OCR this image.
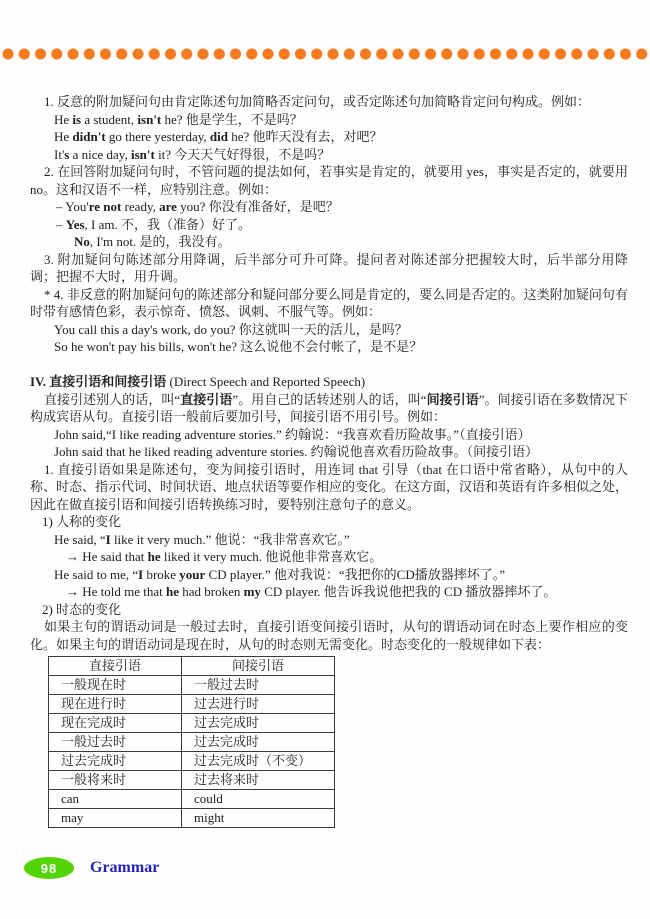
1. 反意的附加疑问句由肯定陈述句加简略否定问句，或否定陈述句加简略肯定问句构成。例如：

He is a student, isn't he? 他是学生，不是吗？

He didn't go there yesterday, did he? 他昨天没有去，对吧？

It's a nice day, isn't it? 今天天气好得很，不是吗？

2. 在回答附加疑问句时，不管问题的提法如何，若事实是肯定的，就要用 yes，事实是否定的，就要用 no。这和汉语不一样，应特别注意。例如：

– You're not ready, are you? 你没有准备好，是吧？

– Yes, I am. 不，我（准备）好了。

No, I'm not. 是的，我没有。

3. 附加疑问句陈述部分用降调，后半部分可升可降。提问者对陈述部分把握较大时，后半部分用降调；把握不大时，用升调。

* 4. 非反意的附加疑问句的陈述部分和疑问部分要么同是肯定的，要么同是否定的。这类附加疑问句有时带有感情色彩，表示惊奇、愤怒、讽刺、不服气等。例如：

You call this a day's work, do you? 你这就叫一天的活儿，是吗？

So he won't pay his bills, won't he? 这么说他不会付帐了，是不是？

IV. 直接引语和间接引语 (Direct Speech and Reported Speech)

直接引述别人的话，叫“直接引语”。用自己的话转述别人的话，叫“间接引语”。间接引语在多数情况下构成宾语从句。直接引语一般前后要加引号，间接引语不用引号。例如：

John said,“I like reading adventure stories.” 约翰说：“我喜欢看历险故事。”（直接引语）

John said that he liked reading adventure stories. 约翰说他喜欢看历险故事。（间接引语）

1. 直接引语如果是陈述句，变为间接引语时，用连词 that 引导（that 在口语中常省略），从句中的人称、时态、指示代词、时间状语、地点状语等要作相应的变化。在这方面，汉语和英语有许多相似之处，因此在做直接引语和间接引语转换练习时，要特别注意句子的意义。

1) 人称的变化

He said, “I like it very much.” 他说：“我非常喜欢它。”

→ He said that he liked it very much. 他说他非常喜欢它。

He said to me, “I broke your CD player.” 他对我说：“我把你的CD播放器摔坏了。”

→ He told me that he had broken my CD player. 他告诉我说他把我的 CD 播放器摔坏了。

2) 时态的变化

如果主句的谓语动词是一般过去时，直接引语变间接引语时，从句的谓语动词在时态上要作相应的变化。如果主句的谓语动词是现在时，从句的时态则无需变化。时态变化的一般规律如下表：

直接引语	间接引语
一般现在时	一般过去时
现在进行时	过去进行时
现在完成时	过去完成时
一般过去时	过去完成时
过去完成时	过去完成时（不变）
一般将来时	过去将来时
can	could
may	might
98	Grammar
